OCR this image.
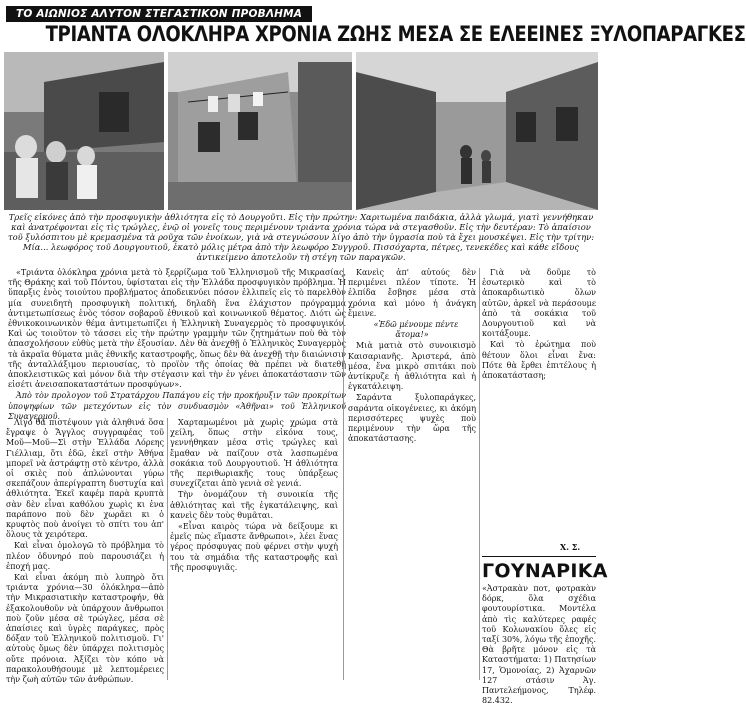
ΤΟ ΑΙΩΝΙΟΣ ΑΛΥΤΟΝ ΣΤΕΓΑΣΤΙΚΟΝ ΠΡΟΒΛΗΜΑ
ΤΡΙΑΝΤΑ ΟΛΟΚΛΗΡΑ ΧΡΟΝΙΑ ΖΩΗΣ ΜΕΣΑ ΣΕ ΕΛΕΕΙΝΕΣ ΞΥΛΟΠΑΡΑΓΚΕΣ
Τρεῖς εἰκόνες ἀπὸ τὴν προσφυγικὴν ἀθλιότητα εἰς τὸ Δουργοῦτι. Εἰς τὴν πρώτην: Χαριτωμένα παιδάκια, ἀλλὰ γλωμά, γιατὶ γεννήθηκαν καὶ ἀνατρέφονται εἰς τὶς τρώγλες, ἐνῷ οἱ γονεῖς τους περιμένουν τριάντα χρόνια τώρα νὰ στεγασθοῦν. Εἰς τὴν δευτέραν: Τὸ ἀπαίσιον τοῦ ξυλόσπιτου μὲ κρεμασμένα τὰ ροῦχα τῶν ἐνοίκων, γιὰ νὰ στεγνώσουν λίγο ἀπὸ τὴν ὑγρασία ποὺ τὰ ἔχει μουσκέψει. Εἰς τὴν τρίτην: Μία... λεωφόρος τοῦ Δουργουτιοῦ, ἐκατὸ μόλις μέτρα ἀπὸ τὴν λεωφόρο Συγγροῦ. Πισσόχαρτα, πέτρες, τενεκέδες καὶ κάθε εἴδους ἀντικείμενο ἀποτελοῦν τὴ στέγη τῶν παραγκῶν.

«Τριάντα ὁλόκληρα χρόνια μετὰ τὸ ξερρίζωμα τοῦ Ἑλληνισμοῦ τῆς Μικρασίας, τῆς Θράκης καὶ τοῦ Πόντου, ὑφίσταται εἰς τὴν Ἑλλάδα προσφυγικὸν πρόβλημα. Ἡ ὕπαρξις ἑνὸς τοιούτου προβλήματος ἀποδεικνύει πόσον ἐλλιπεῖς εἰς τὸ παρελθὸν μία συνειδητὴ προσφυγικὴ πολιτική, δηλαδὴ ἕνα ἐλάχιστον πρόγραμμα ἀντιμετωπίσεως ἑνὸς τόσον σοβαροῦ ἐθνικοῦ καὶ κοινωνικοῦ θέματος. Διότι ὡς ἐθνικοκοινωνικὸν θέμα ἀντιμετωπίζει ἡ Ἑλληνικὴ Συναγερμὸς τὸ προσφυγικόν. Καὶ ὡς τοιοῦτον τὸ τάσσει εἰς τὴν πρώτην γραμμὴν τῶν ζητημάτων ποὺ θὰ τὸν ἀπασχολήσουν εὐθὺς μετὰ τὴν ἐξουσίαν. Δὲν θὰ ἀνεχθῇ ὁ Ἑλληνικὸς Συναγερμὸς τὰ ἀκραῖα θύματα μιᾶς ἐθνικῆς καταστροφῆς, ὅπως δὲν θὰ ἀνεχθῇ τὴν διαιώνισιν τῆς ἀνταλλάξιμου περιουσίας, τὸ προϊὸν τῆς ὁποίας θὰ πρέπει νὰ διατεθῇ ἀποκλειστικῶς καὶ μόνον διὰ τὴν στέγασιν καὶ τὴν ἐν γένει ἀποκατάστασιν τῶν εἰσέτι ἀνεισαποκαταστάτων προσφύγων».

Ἀπὸ τὸν προλογον τοῦ Στρατάρχου Παπάγου εἰς τὴν προκήρυξιν τῶν προκρίτων ὑποψηφίων τῶν μετεχόντων εἰς τὸν συνδυασμὸν «Ἀθῆναι» τοῦ Ἑλληνικοῦ Συναγερμοῦ.

Λίγο θὰ πιστέψουν γιὰ ἀληθινά ὅσα ἔγραψε ὁ Ἄγγλος συγγραφέας τοῦ Μοῦ—Μοῦ—Σὶ στὴν Ἑλλάδα Λόρεης Γιέλλιαμ, ὅτι ἐδῶ, ἐκεῖ στὴν Ἀθήνα μπορεῖ νὰ ἀστράφτῃ στὸ κέντρο, ἀλλὰ οἱ σκιὲς ποὺ ἀπλώνονται γύρω σκεπάζουν ἀπερίγραπτη δυστυχία καὶ ἀθλιότητα. Ἐκεῖ καφέμ παρὰ κρυπτὰ σὰν δὲν εἶναι καθόλου χωρὶς κι ἐνα παράπονο ποὺ δὲν χωρᾶει κι ὁ κρυφτὸς ποὺ ἀνοίγει τὸ σπίτι του ἀπ' ὅλους τὰ χειρότερα.

Καὶ εἶναι ὁμολογῶ τὸ πρόβλημα τὸ πλέον ὀδυνηρό ποὺ παρουσιάζει ἡ ἐποχή μας.

Καὶ εἶναι ἀκόμη πιὸ λυπηρὸ ὅτι τριάντα χρόνια—30 ὁλόκληρα—ἀπὸ τὴν Μικρασιατικὴν καταστροφήν, θὰ ἐξακολουθοῦν νὰ ὑπάρχουν ἄνθρωποι ποὺ ζοῦν μέσα σὲ τρώγλες, μέσα σὲ ἀπαίσιες καὶ ὑγρὲς παράγκες, πρὸς δόξαν τοῦ Ἑλληνικοῦ πολιτισμοῦ. Γι' αὐτοὺς ὅμως δὲν ὑπάρχει πολιτισμὸς οὔτε πρόνοια. Ἀξίζει τὸν κόπο νὰ παρακολουθήσουμε μὲ λεπτομέρειες τὴν ζωὴ αὐτῶν τῶν ἀνθρώπων.

Χαρταμωμένοι μὰ χωρὶς χρώμα στὰ χείλη, ὅπως στὴν εἰκόνα τους, γεννήθηκαν μέσα στὶς τρώγλες καὶ ἔμαθαν νὰ παίζουν στὰ λασπωμένα σοκάκια τοῦ Δουργουτιοῦ. Ἡ ἀθλιότητα τῆς περιθωριακῆς τους ὑπάρξεως συνεχίζεται ἀπὸ γενιὰ σὲ γενιά.

Τὴν ὀνομάζουν τὴ συνοικία τῆς ἀθλιότητας καὶ τῆς ἐγκατάλειψης, καὶ κανεὶς δὲν τοὺς θυμᾶται.

«Εἶναι καιρὸς τώρα νὰ δείξουμε κι ἐμεῖς πὼς εἴμαστε ἄνθρωποι», λέει ἕνας γέρος πρόσφυγας ποὺ φέρνει στὴν ψυχὴ του τὰ σημάδια τῆς καταστροφῆς καὶ τῆς προσφυγιᾶς.

Κανεὶς ἀπ' αὐτούς δὲν περιμένει πλέον τίποτε. Ἡ ἐλπίδα ἔσβησε μέσα στὰ χρόνια καὶ μόνο ἡ ἀνάγκη ἔμεινε.

«Ἐδῶ μένουμε πέντε ἄτομα!»

Μιὰ ματιὰ στὸ συνοικισμὸ Καισαριανῆς. Ἀριστερά, ἀπὸ μέσα, ἕνα μικρὸ σπιτάκι ποὺ ἀντίκρυζε ἡ ἀθλιότητα καὶ ἡ ἐγκατάλειψη.

Σαράντα ξυλοπαράγκες, σαράντα οἰκογένειες, κι ἀκόμη περισσότερες ψυχὲς ποὺ περιμένουν τὴν ὥρα τῆς ἀποκατάστασης.

Γιὰ νὰ δοῦμε τὸ ἐσωτερικὸ καὶ τὸ ἀποκαρδιωτικὸ ὅλων αὐτῶν, ἀρκεῖ νὰ περάσουμε ἀπὸ τὰ σοκάκια τοῦ Δουργουτιοῦ καὶ νὰ κοιτάξουμε.

Καὶ τὸ ἐρώτημα ποὺ θέτουν ὅλοι εἶναι ἕνα: Πότε θὰ ἔρθει ἐπιτέλους ἡ ἀποκατάσταση;

Χ. Σ.
ΓΟΥΝΑΡΙΚΑ

«Ἀστρακὰν ποτ, φοτρακὰν δόρκ, ὅλα σχέδια φουτουρίστικα. Μοντέλα ἀπὸ τὶς καλύτερες ραφές τοῦ Κολωνακίου ὅλες εἰς ταξί 30%, λόγω τῆς ἐποχῆς. Θὰ βρῆτε μόνον εἰς τὰ Καταστήματα: 1) Πατησίων 17, Ὁμονοίας, 2) Ἀχαρνῶν 127 στάσιν Ἁγ. Παντελεήμονος, Τηλέφ. 82.432.
